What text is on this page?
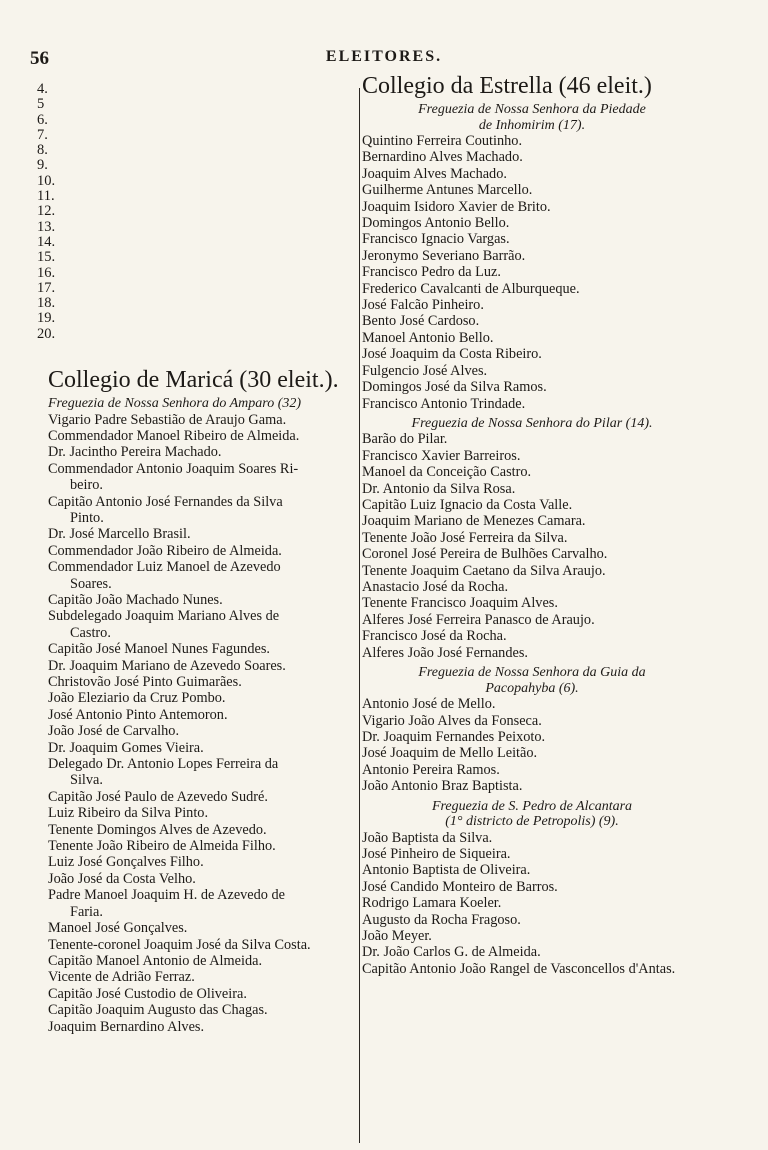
56	ELEITORES.
4.
5
6.
7.
8.
9.
10.
11.
12.
13.
14.
15.
16.
17.
18.
19.
20.
Collegio de Maricá (30 eleit.).
Freguezia de Nossa Senhora do Amparo (32)
Vigario Padre Sebastião de Araujo Gama.
Commendador Manoel Ribeiro de Almeida.
Dr. Jacintho Pereira Machado.
Commendador Antonio Joaquim Soares Ri-
beiro.
Capitão Antonio José Fernandes da Silva
Pinto.
Dr. José Marcello Brasil.
Commendador João Ribeiro de Almeida.
Commendador Luiz Manoel de Azevedo
Soares.
Capitão João Machado Nunes.
Subdelegado Joaquim Mariano Alves de
Castro.
Capitão José Manoel Nunes Fagundes.
Dr. Joaquim Mariano de Azevedo Soares.
Christovão José Pinto Guimarães.
João Eleziario da Cruz Pombo.
José Antonio Pinto Antemoron.
João José de Carvalho.
Dr. Joaquim Gomes Vieira.
Delegado Dr. Antonio Lopes Ferreira da
Silva.
Capitão José Paulo de Azevedo Sudré.
Luiz Ribeiro da Silva Pinto.
Tenente Domingos Alves de Azevedo.
Tenente João Ribeiro de Almeida Filho.
Luiz José Gonçalves Filho.
João José da Costa Velho.
Padre Manoel Joaquim H. de Azevedo de
Faria.
Manoel José Gonçalves.
Tenente-coronel Joaquim José da Silva Costa.
Capitão Manoel Antonio de Almeida.
Vicente de Adrião Ferraz.
Capitão José Custodio de Oliveira.
Capitão Joaquim Augusto das Chagas.
Joaquim Bernardino Alves.
Collegio da Estrella (46 eleit.)
Freguezia de Nossa Senhora da Piedade
de Inhomirim (17).
Quintino Ferreira Coutinho.
Bernardino Alves Machado.
Joaquim Alves Machado.
Guilherme Antunes Marcello.
Joaquim Isidoro Xavier de Brito.
Domingos Antonio Bello.
Francisco Ignacio Vargas.
Jeronymo Severiano Barrão.
Francisco Pedro da Luz.
Frederico Cavalcanti de Alburqueque.
José Falcão Pinheiro.
Bento José Cardoso.
Manoel Antonio Bello.
José Joaquim da Costa Ribeiro.
Fulgencio José Alves.
Domingos José da Silva Ramos.
Francisco Antonio Trindade.
Freguezia de Nossa Senhora do Pilar (14).
Barão do Pilar.
Francisco Xavier Barreiros.
Manoel da Conceição Castro.
Dr. Antonio da Silva Rosa.
Capitão Luiz Ignacio da Costa Valle.
Joaquim Mariano de Menezes Camara.
Tenente João José Ferreira da Silva.
Coronel José Pereira de Bulhões Carvalho.
Tenente Joaquim Caetano da Silva Araujo.
Anastacio José da Rocha.
Tenente Francisco Joaquim Alves.
Alferes José Ferreira Panasco de Araujo.
Francisco José da Rocha.
Alferes João José Fernandes.
Freguezia de Nossa Senhora da Guia da
Pacopahyba (6).
Antonio José de Mello.
Vigario João Alves da Fonseca.
Dr. Joaquim Fernandes Peixoto.
José Joaquim de Mello Leitão.
Antonio Pereira Ramos.
João Antonio Braz Baptista.
Freguezia de S. Pedro de Alcantara
(1° districto de Petropolis) (9).
João Baptista da Silva.
José Pinheiro de Siqueira.
Antonio Baptista de Oliveira.
José Candido Monteiro de Barros.
Rodrigo Lamara Koeler.
Augusto da Rocha Fragoso.
João Meyer.
Dr. João Carlos G. de Almeida.
Capitão Antonio João Rangel de Vasconcellos d'Antas.
